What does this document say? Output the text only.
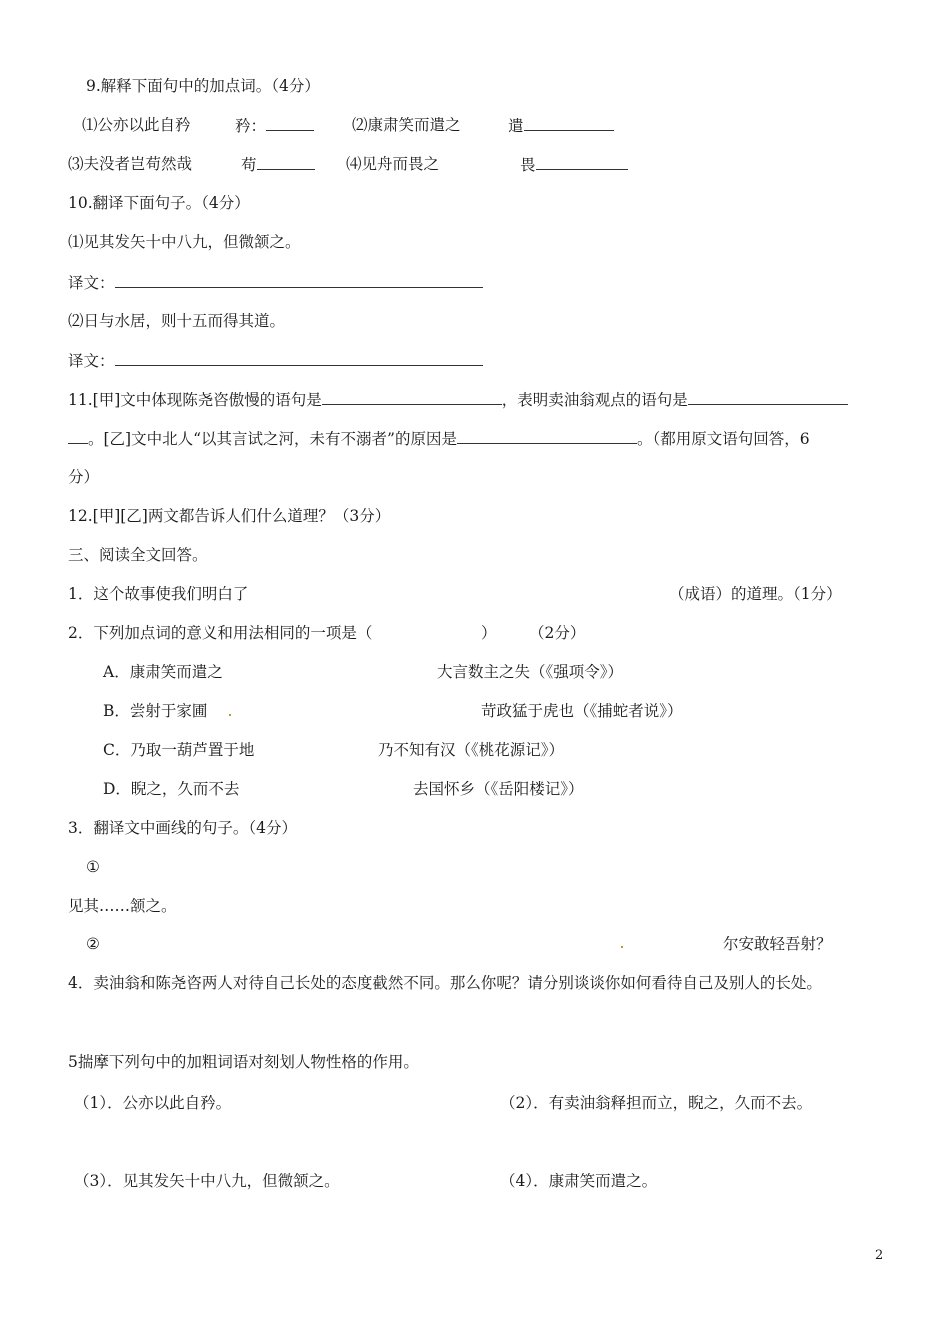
9.解释下面句中的加点词。（4分）
⑴公亦以此自矜	矜：	⑵康肃笑而遣之	遣
⑶夫没者岂苟然哉	苟	⑷见舟而畏之	畏
10.翻译下面句子。（4分）
⑴见其发矢十中八九，但微颔之。
译文：
⑵日与水居，则十五而得其道。
译文：
11.[甲]文中体现陈尧咨傲慢的语句是	，表明卖油翁观点的语句是
。[乙]文中北人“以其言试之河，未有不溺者”的原因是	。（都用原文语句回答，6
分）
12.[甲][乙]两文都告诉人们什么道理？（3分）
三、阅读全文回答。
1．这个故事使我们明白了	（成语）的道理。（1分）
2．下列加点词的意义和用法相同的一项是（	） （2分）
A．康肃笑而遣之	大言数主之失（《强项令》）
B．尝射于家圃	苛政猛于虎也（《捕蛇者说》）
C．乃取一葫芦置于地	乃不知有汉（《桃花源记》）
D．睨之，久而不去	去国怀乡（《岳阳楼记》）
3．翻译文中画线的句子。（4分）
①
见其……颔之。
②	尔安敢轻吾射？
4．卖油翁和陈尧咨两人对待自己长处的态度截然不同。那么你呢？请分别谈谈你如何看待自己及别人的长处。
5揣摩下列句中的加粗词语对刻划人物性格的作用。
（1）．公亦以此自矜。	（2）．有卖油翁释担而立，睨之，久而不去。
（3）．见其发矢十中八九，但微颔之。	（4）．康肃笑而遣之。
2
